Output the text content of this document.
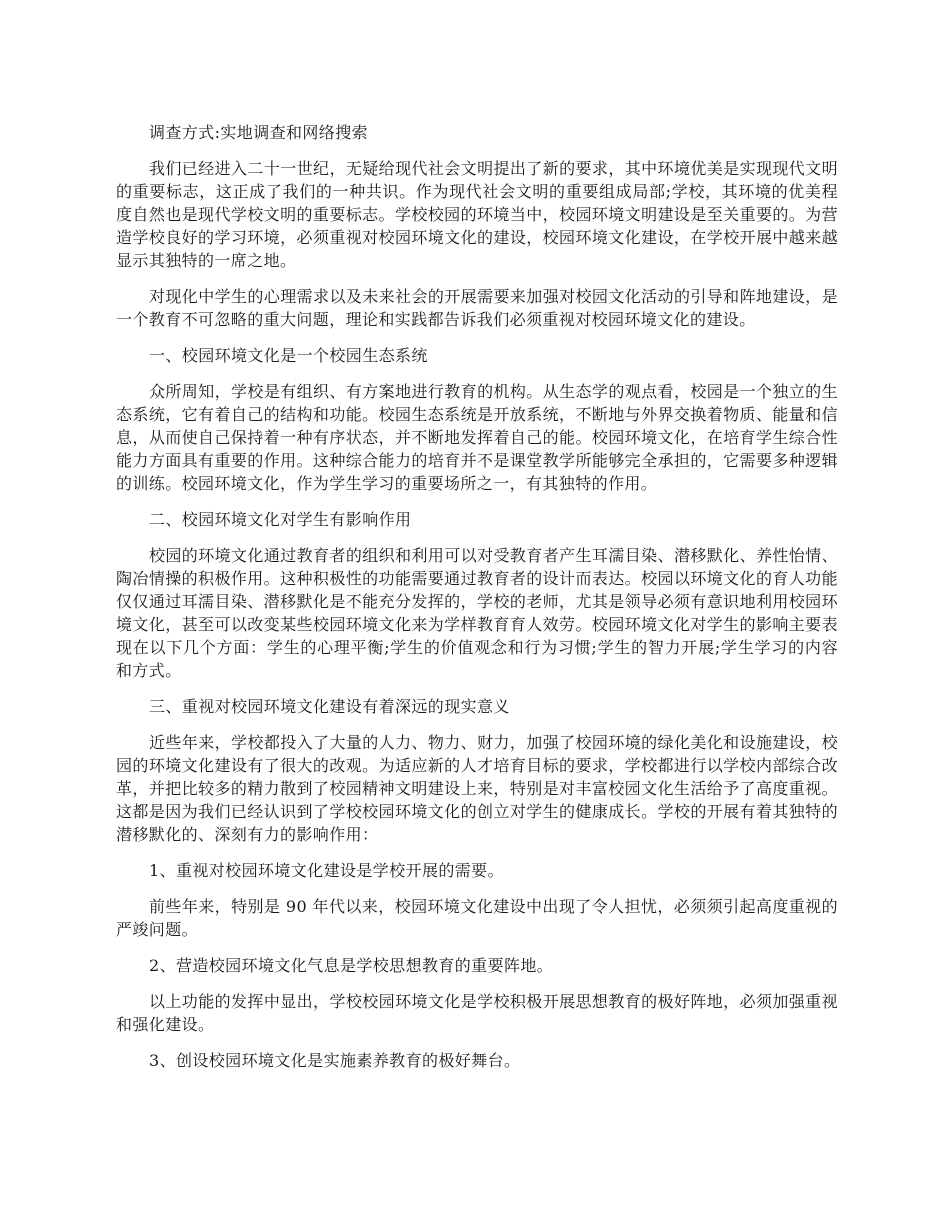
调查方式:实地调查和网络搜索

我们已经进入二十一世纪，无疑给现代社会文明提出了新的要求，其中环境优美是实现现代文明的重要标志，这正成了我们的一种共识。作为现代社会文明的重要组成局部;学校，其环境的优美程度自然也是现代学校文明的重要标志。学校校园的环境当中，校园环境文明建设是至关重要的。为营造学校良好的学习环境，必须重视对校园环境文化的建设，校园环境文化建设，在学校开展中越来越显示其独特的一席之地。

对现化中学生的心理需求以及未来社会的开展需要来加强对校园文化活动的引导和阵地建设，是一个教育不可忽略的重大问题，理论和实践都告诉我们必须重视对校园环境文化的建设。

一、校园环境文化是一个校园生态系统

众所周知，学校是有组织、有方案地进行教育的机构。从生态学的观点看，校园是一个独立的生态系统，它有着自己的结构和功能。校园生态系统是开放系统，不断地与外界交换着物质、能量和信息，从而使自己保持着一种有序状态，并不断地发挥着自己的能。校园环境文化，在培育学生综合性能力方面具有重要的作用。这种综合能力的培育并不是课堂教学所能够完全承担的，它需要多种逻辑的训练。校园环境文化，作为学生学习的重要场所之一，有其独特的作用。

二、校园环境文化对学生有影响作用

校园的环境文化通过教育者的组织和利用可以对受教育者产生耳濡目染、潜移默化、养性怡情、陶冶情操的积极作用。这种积极性的功能需要通过教育者的设计而表达。校园以环境文化的育人功能仅仅通过耳濡目染、潜移默化是不能充分发挥的，学校的老师，尤其是领导必须有意识地利用校园环境文化，甚至可以改变某些校园环境文化来为学样教育育人效劳。校园环境文化对学生的影响主要表现在以下几个方面：学生的心理平衡;学生的价值观念和行为习惯;学生的智力开展;学生学习的内容和方式。

三、重视对校园环境文化建设有着深远的现实意义

近些年来，学校都投入了大量的人力、物力、财力，加强了校园环境的绿化美化和设施建设，校园的环境文化建设有了很大的改观。为适应新的人才培育目标的要求，学校都进行以学校内部综合改革，并把比较多的精力散到了校园精神文明建设上来，特别是对丰富校园文化生活给予了高度重视。这都是因为我们已经认识到了学校校园环境文化的创立对学生的健康成长。学校的开展有着其独特的潜移默化的、深刻有力的影响作用：

1、重视对校园环境文化建设是学校开展的需要。

前些年来，特别是 90 年代以来，校园环境文化建设中出现了令人担忧，必须须引起高度重视的严竣问题。

2、营造校园环境文化气息是学校思想教育的重要阵地。

以上功能的发挥中显出，学校校园环境文化是学校积极开展思想教育的极好阵地，必须加强重视和强化建设。

3、创设校园环境文化是实施素养教育的极好舞台。
